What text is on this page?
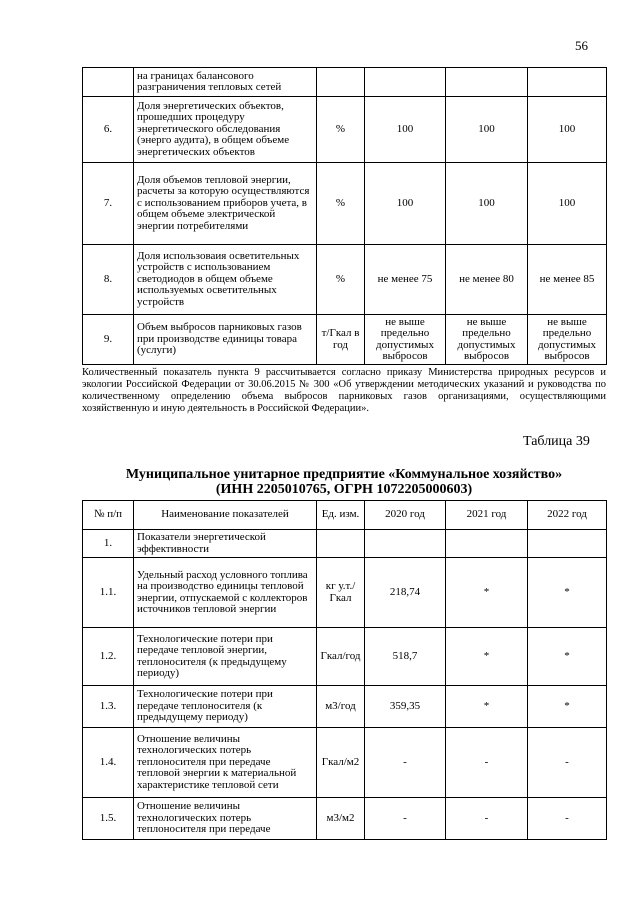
56
	на границах балансового разграничения тепловых сетей				
6.	Доля энергетических объектов, прошедших процедуру энергетического обследования (энерго аудита), в общем объеме энергетических объектов	%	100	100	100
7.	Доля объемов тепловой энергии, расчеты за которую осуществляются с использованием приборов учета, в общем объеме электрической энергии потребителями	%	100	100	100
8.	Доля использоваия осветительных устройств с использованием светодиодов в общем объеме используемых осветительных устройств	%	не менее 75	не менее 80	не менее 85
9.	Объем выбросов парниковых газов при производстве единицы товара (услуги)	т/Гкал в год	не выше предельно допустимых выбросов	не выше предельно допустимых выбросов	не выше предельно допустимых выбросов

Количественный показатель пункта 9 рассчитывается согласно приказу Министерства природных ресурсов и экологии Российской Федерации от 30.06.2015 № 300 «Об утверждении методических указаний и руководства по количественному определению объема выбросов парниковых газов организациями, осуществляющими хозяйственную и иную деятельность в Российской Федерации».

Таблица 39
Муниципальное унитарное предприятие «Коммунальное хозяйство»
(ИНН 2205010765, ОГРН 1072205000603)
№ п/п	Наименование показателей	Ед. изм.	2020 год	2021 год	2022 год
1.	Показатели энергетической эффективности				
1.1.	Удельный расход условного топлива на производство единицы тепловой энергии, отпускаемой с коллекторов источников тепловой энергии	кг у.т./Гкал	218,74	*	*
1.2.	Технологические потери при передаче тепловой энергии, теплоносителя (к предыдущему периоду)	Гкал/год	518,7	*	*
1.3.	Технологические потери при передаче теплоносителя (к предыдущему периоду)	м3/год	359,35	*	*
1.4.	Отношение величины технологических потерь теплоносителя при передаче тепловой энергии к материальной характеристике тепловой сети	Гкал/м2	-	-	-
1.5.	Отношение величины технологических потерь теплоносителя при передаче	м3/м2	-	-	-
